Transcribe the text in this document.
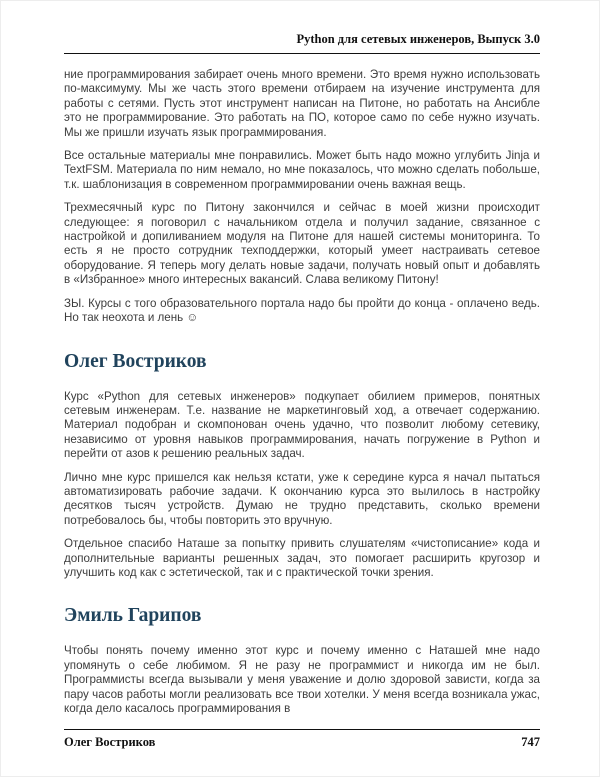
Python для сетевых инженеров, Выпуск 3.0

ние программирования забирает очень много времени. Это время нужно использовать по-максимуму. Мы же часть этого времени отбираем на изучение инструмента для работы с сетями. Пусть этот инструмент написан на Питоне, но работать на Ансибле это не программирование. Это работать на ПО, которое само по себе нужно изучать. Мы же пришли изучать язык программирования.

Все остальные материалы мне понравились. Может быть надо можно углубить Jinja и TextFSM. Материала по ним немало, но мне показалось, что можно сделать побольше, т.к. шаблонизация в современном программировании очень важная вещь.

Трехмесячный курс по Питону закончился и сейчас в моей жизни происходит следующее: я поговорил с начальником отдела и получил задание, связанное с настройкой и допиливанием модуля на Питоне для нашей системы мониторинга. То есть я не просто сотрудник техподдержки, который умеет настраивать сетевое оборудование. Я теперь могу делать новые задачи, получать новый опыт и добавлять в «Избранное» много интересных вакансий. Слава великому Питону!

ЗЫ. Курсы с того образовательного портала надо бы пройти до конца - оплачено ведь. Но так неохота и лень ☺

Олег Востриков

Курс «Python для сетевых инженеров» подкупает обилием примеров, понятных сетевым инженерам. Т.е. название не маркетинговый ход, а отвечает содержанию. Материал подобран и скомпонован очень удачно, что позволит любому сетевику, независимо от уровня навыков программирования, начать погружение в Python и перейти от азов к решению реальных задач.

Лично мне курс пришелся как нельзя кстати, уже к середине курса я начал пытаться автоматизировать рабочие задачи. К окончанию курса это вылилось в настройку десятков тысяч устройств. Думаю не трудно представить, сколько времени потребовалось бы, чтобы повторить это вручную.

Отдельное спасибо Наташе за попытку привить слушателям «чистописание» кода и дополнительные варианты решенных задач, это помогает расширить кругозор и улучшить код как с эстетической, так и с практической точки зрения.

Эмиль Гарипов

Чтобы понять почему именно этот курс и почему именно с Наташей мне надо упомянуть о себе любимом. Я не разу не программист и никогда им не был. Программисты всегда вызывали у меня уважение и долю здоровой зависти, когда за пару часов работы могли реализовать все твои хотелки. У меня всегда возникала ужас, когда дело касалось программирования в

Олег Востриков	747
